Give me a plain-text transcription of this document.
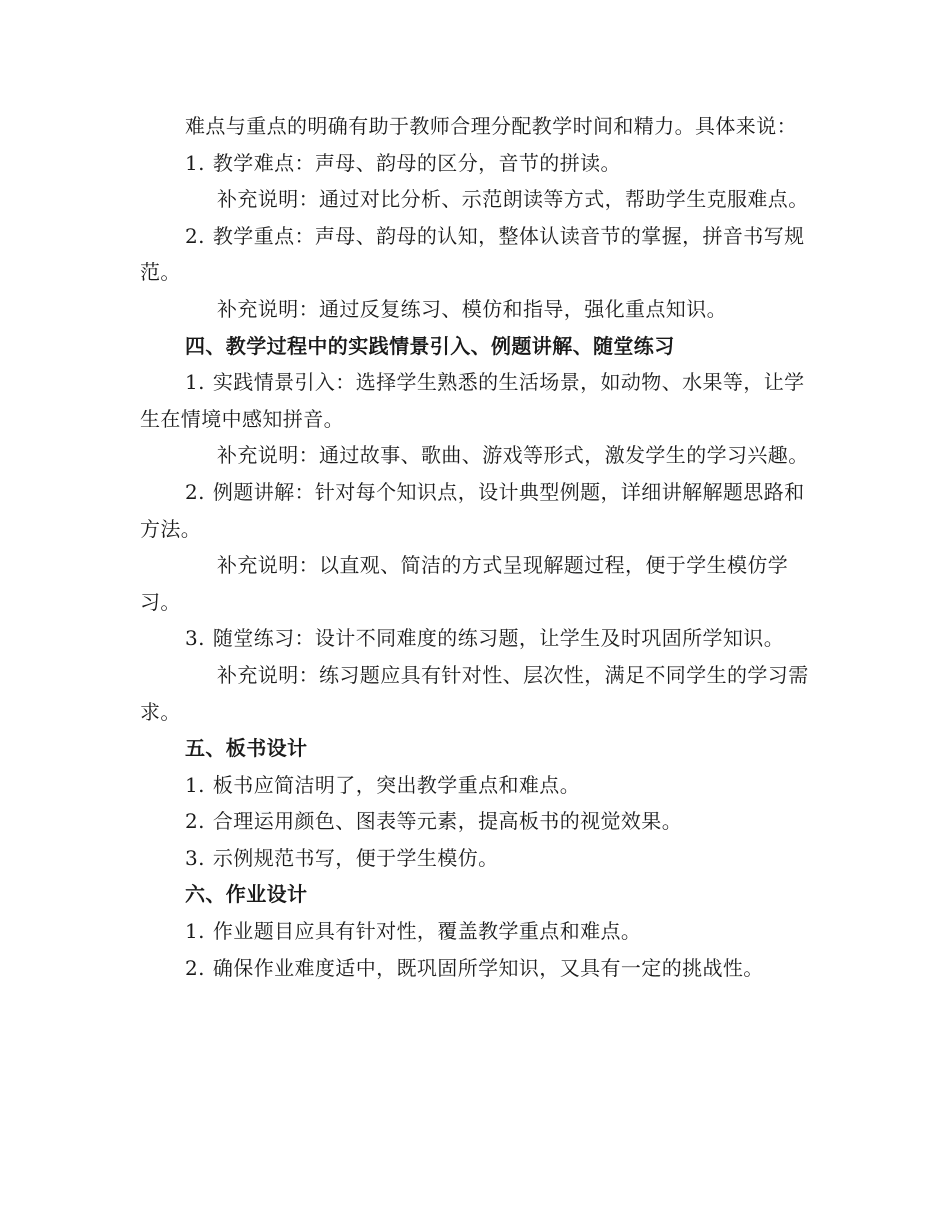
难点与重点的明确有助于教师合理分配教学时间和精力。具体来说：

1. 教学难点：声母、韵母的区分，音节的拼读。

补充说明：通过对比分析、示范朗读等方式，帮助学生克服难点。

2. 教学重点：声母、韵母的认知，整体认读音节的掌握，拼音书写规范。

补充说明：通过反复练习、模仿和指导，强化重点知识。

四、教学过程中的实践情景引入、例题讲解、随堂练习

1. 实践情景引入：选择学生熟悉的生活场景，如动物、水果等，让学生在情境中感知拼音。

补充说明：通过故事、歌曲、游戏等形式，激发学生的学习兴趣。

2. 例题讲解：针对每个知识点，设计典型例题，详细讲解解题思路和方法。

补充说明：以直观、简洁的方式呈现解题过程，便于学生模仿学习。

3. 随堂练习：设计不同难度的练习题，让学生及时巩固所学知识。

补充说明：练习题应具有针对性、层次性，满足不同学生的学习需求。

五、板书设计

1. 板书应简洁明了，突出教学重点和难点。

2. 合理运用颜色、图表等元素，提高板书的视觉效果。

3. 示例规范书写，便于学生模仿。

六、作业设计

1. 作业题目应具有针对性，覆盖教学重点和难点。

2. 确保作业难度适中，既巩固所学知识，又具有一定的挑战性。
